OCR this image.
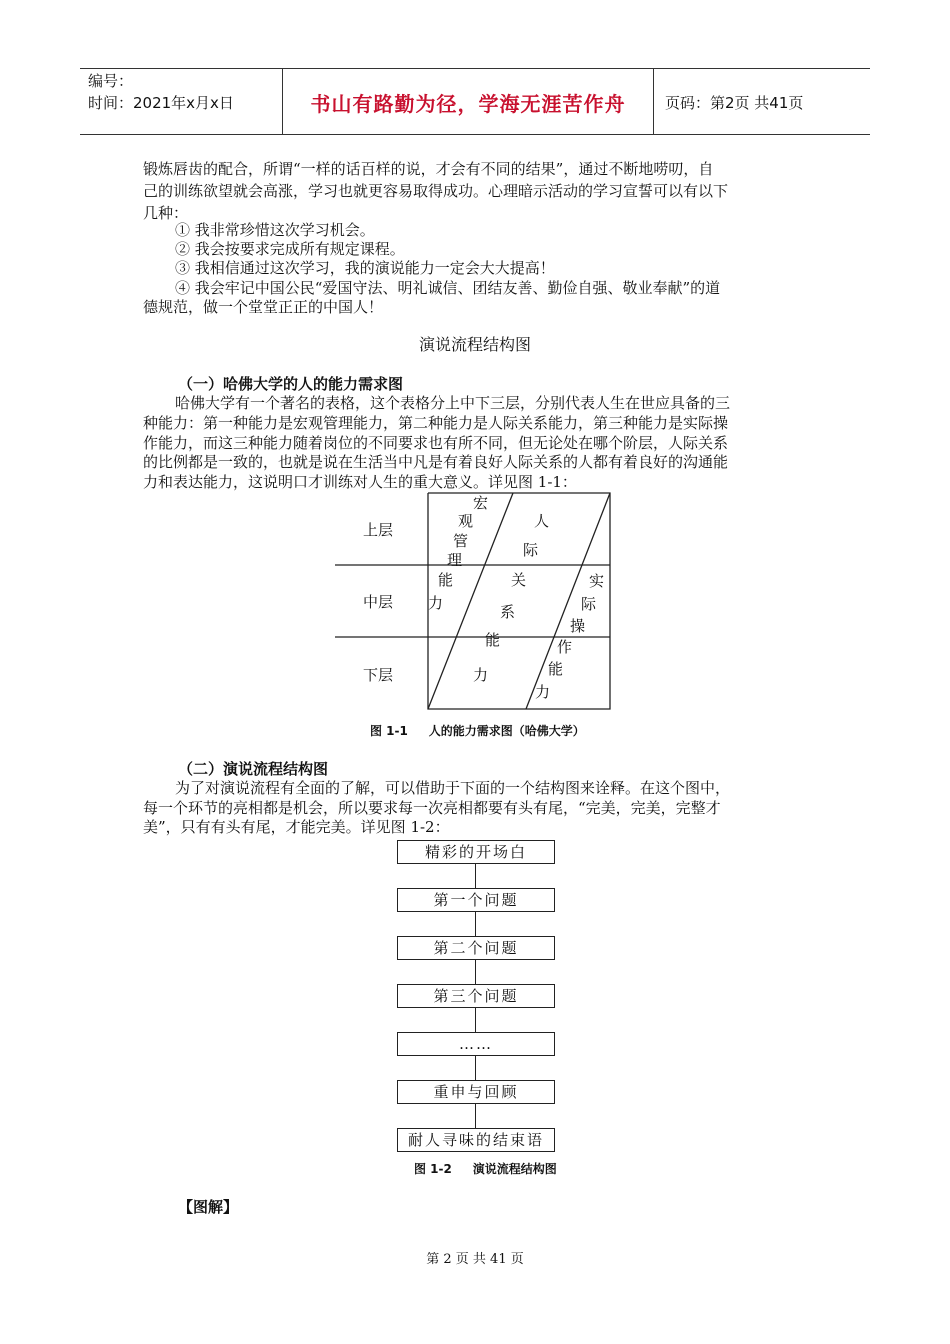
编号：
时间：2021年x月x日	书山有路勤为径，学海无涯苦作舟	页码：第2页 共41页
锻炼唇齿的配合，所谓“一样的话百样的说，才会有不同的结果”，通过不断地唠叨，自
己的训练欲望就会高涨，学习也就更容易取得成功。心理暗示活动的学习宣誓可以有以下
几种：
① 我非常珍惜这次学习机会。
② 我会按要求完成所有规定课程。
③ 我相信通过这次学习，我的演说能力一定会大大提高！
④ 我会牢记中国公民“爱国守法、明礼诚信、团结友善、勤俭自强、敬业奉献”的道
德规范，做一个堂堂正正的中国人！
演说流程结构图
（一）哈佛大学的人的能力需求图
哈佛大学有一个著名的表格，这个表格分上中下三层，分别代表人生在世应具备的三
种能力：第一种能力是宏观管理能力，第二种能力是人际关系能力，第三种能力是实际操
作能力，而这三种能力随着岗位的不同要求也有所不同，但无论处在哪个阶层，人际关系
的比例都是一致的，也就是说在生活当中凡是有着良好人际关系的人都有着良好的沟通能
力和表达能力，这说明口才训练对人生的重大意义。详见图 1-1：
上层
中层
下层
宏
观
管
理
能
力
人
际
关
系
能
力
实
际
操
作
能
力
图 1-1     人的能力需求图（哈佛大学）
（二）演说流程结构图
为了对演说流程有全面的了解，可以借助于下面的一个结构图来诠释。在这个图中，
每一个环节的亮相都是机会，所以要求每一次亮相都要有头有尾，“完美，完美，完整才
美”，只有有头有尾，才能完美。详见图 1-2：
精彩的开场白
第一个问题
第二个问题
第三个问题
……
重申与回顾
耐人寻味的结束语
图 1-2     演说流程结构图
【图解】
第 2 页 共 41 页
